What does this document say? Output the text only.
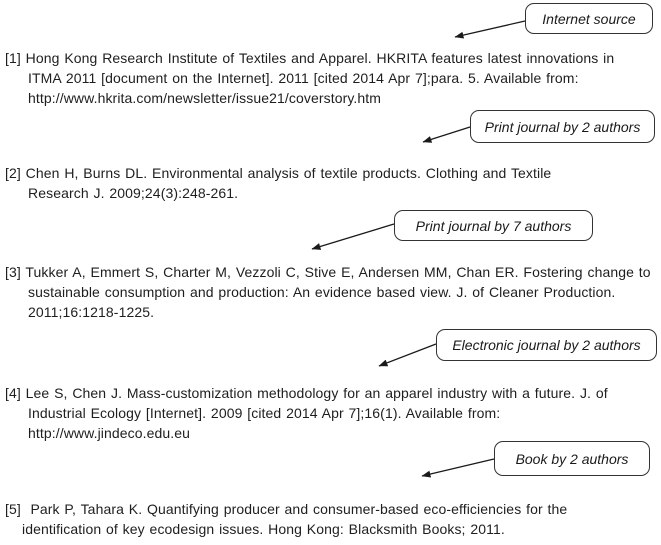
Internet source
Print journal by 2 authors
Print journal by 7 authors
Electronic journal by 2 authors
Book by 2 authors
[1] Hong Kong Research Institute of Textiles and Apparel. HKRITA features latest innovations in
ITMA 2011 [document on the Internet]. 2011 [cited 2014 Apr 7];para. 5. Available from:
http://www.hkrita.com/newsletter/issue21/coverstory.htm
[2] Chen H, Burns DL. Environmental analysis of textile products. Clothing and Textile
Research J. 2009;24(3):248-261.
[3] Tukker A, Emmert S, Charter M, Vezzoli C, Stive E, Andersen MM, Chan ER. Fostering change to
sustainable consumption and production: An evidence based view. J. of Cleaner Production.
2011;16:1218-1225.
[4] Lee S, Chen J. Mass-customization methodology for an apparel industry with a future. J. of
Industrial Ecology [Internet]. 2009 [cited 2014 Apr 7];16(1). Available from:
http://www.jindeco.edu.eu
[5]  Park P, Tahara K. Quantifying producer and consumer-based eco-efficiencies for the
identification of key ecodesign issues. Hong Kong: Blacksmith Books; 2011.
